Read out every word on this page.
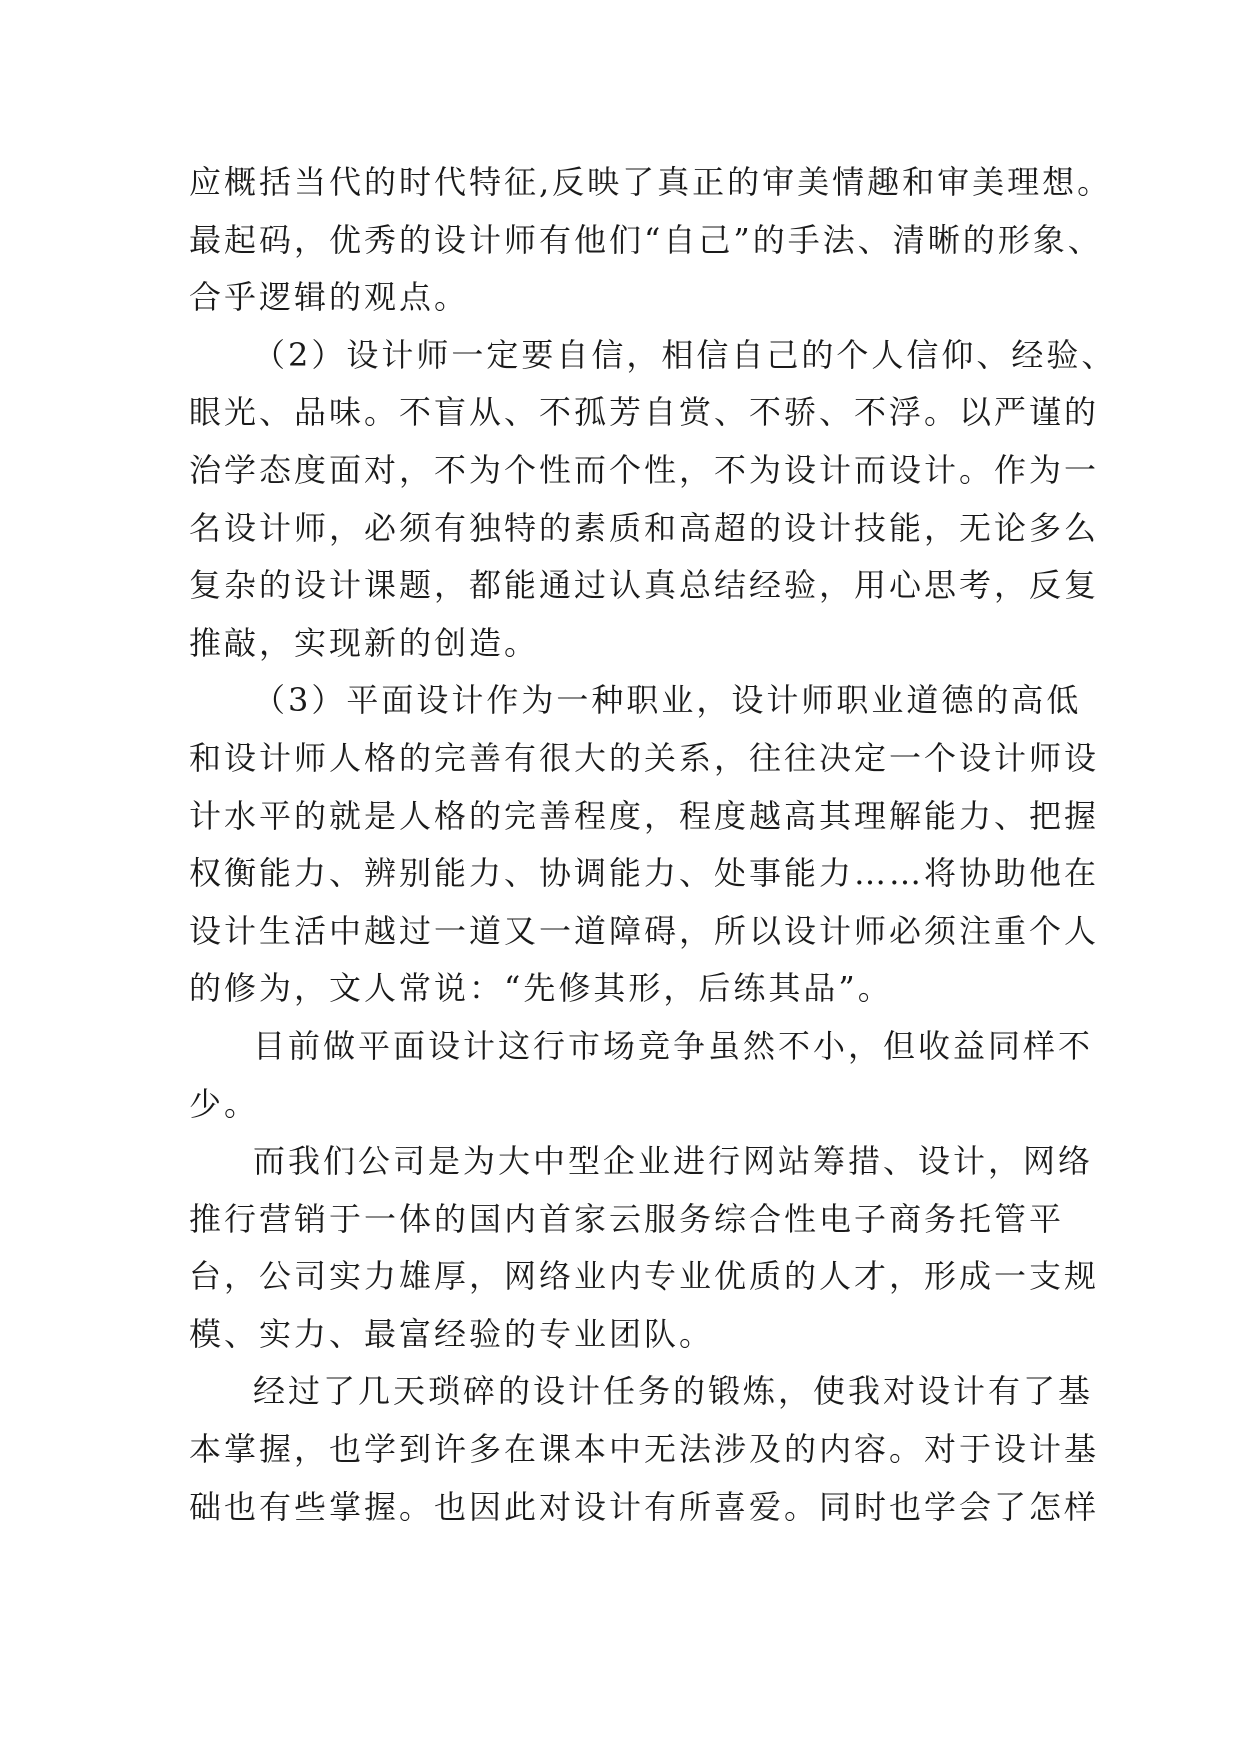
应概括当代的时代特征,反映了真正的审美情趣和审美理想。
最起码，优秀的设计师有他们“自己”的手法、清晰的形象、
合乎逻辑的观点。
（2）设计师一定要自信，相信自己的个人信仰、经验、
眼光、品味。不盲从、不孤芳自赏、不骄、不浮。以严谨的
治学态度面对，不为个性而个性，不为设计而设计。作为一
名设计师，必须有独特的素质和高超的设计技能，无论多么
复杂的设计课题，都能通过认真总结经验，用心思考，反复
推敲，实现新的创造。
（3）平面设计作为一种职业，设计师职业道德的高低
和设计师人格的完善有很大的关系，往往决定一个设计师设
计水平的就是人格的完善程度，程度越高其理解能力、把握
权衡能力、辨别能力、协调能力、处事能力……将协助他在
设计生活中越过一道又一道障碍，所以设计师必须注重个人
的修为，文人常说：“先修其形，后练其品”。
目前做平面设计这行市场竞争虽然不小，但收益同样不
少。
而我们公司是为大中型企业进行网站筹措、设计，网络
推行营销于一体的国内首家云服务综合性电子商务托管平
台，公司实力雄厚，网络业内专业优质的人才，形成一支规
模、实力、最富经验的专业团队。
经过了几天琐碎的设计任务的锻炼，使我对设计有了基
本掌握，也学到许多在课本中无法涉及的内容。对于设计基
础也有些掌握。也因此对设计有所喜爱。同时也学会了怎样
